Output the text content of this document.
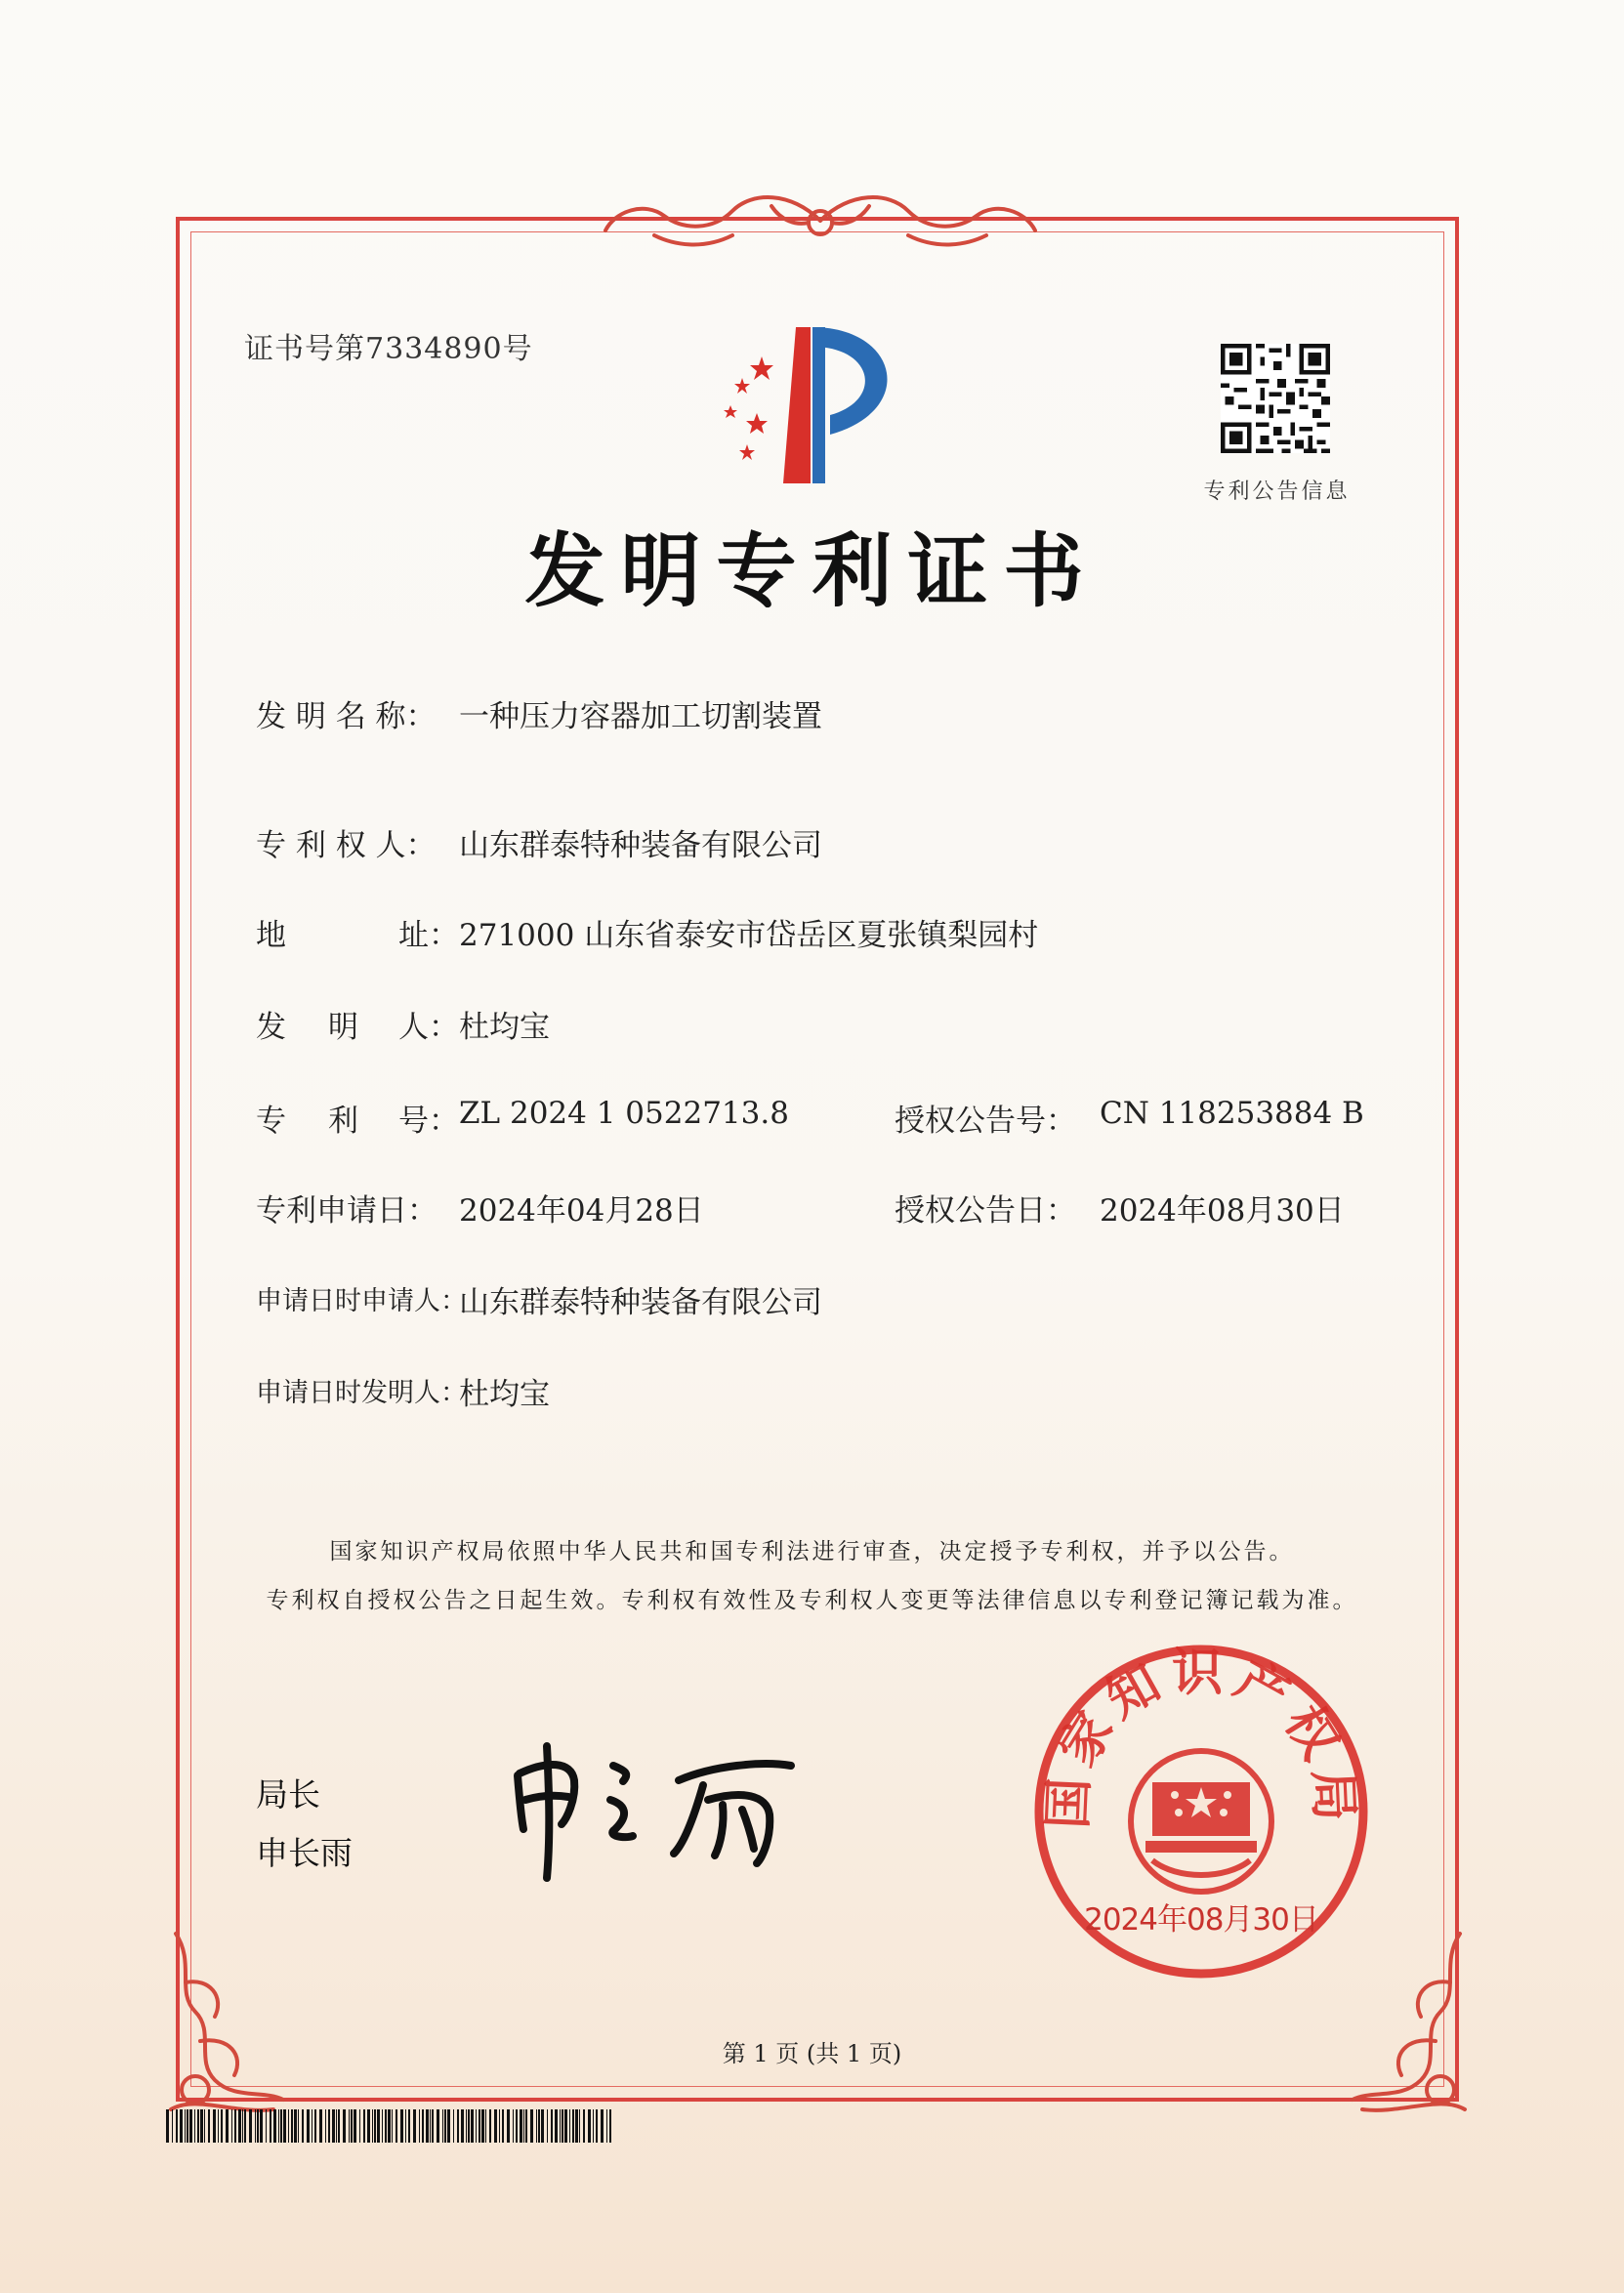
证书号第7334890号
专利公告信息
发明专利证书
发 明 名 称： 一种压力容器加工切割装置
专 利 权 人： 山东群泰特种装备有限公司
地	址： 271000 山东省泰安市岱岳区夏张镇梨园村
发 明 人： 杜均宝
专 利 号： ZL 2024 1 0522713.8	授权公告号： CN 118253884 B
专利申请日： 2024年04月28日	授权公告日： 2024年08月30日
申请日时申请人：
山东群泰特种装备有限公司
申请日时发明人：
杜均宝
国家知识产权局依照中华人民共和国专利法进行审查，决定授予专利权，并予以公告。
专利权自授权公告之日起生效。专利权有效性及专利权人变更等法律信息以专利登记簿记载为准。
局长
申长雨
国家知识产权局
2024年08月30日
第 1 页 (共 1 页)
